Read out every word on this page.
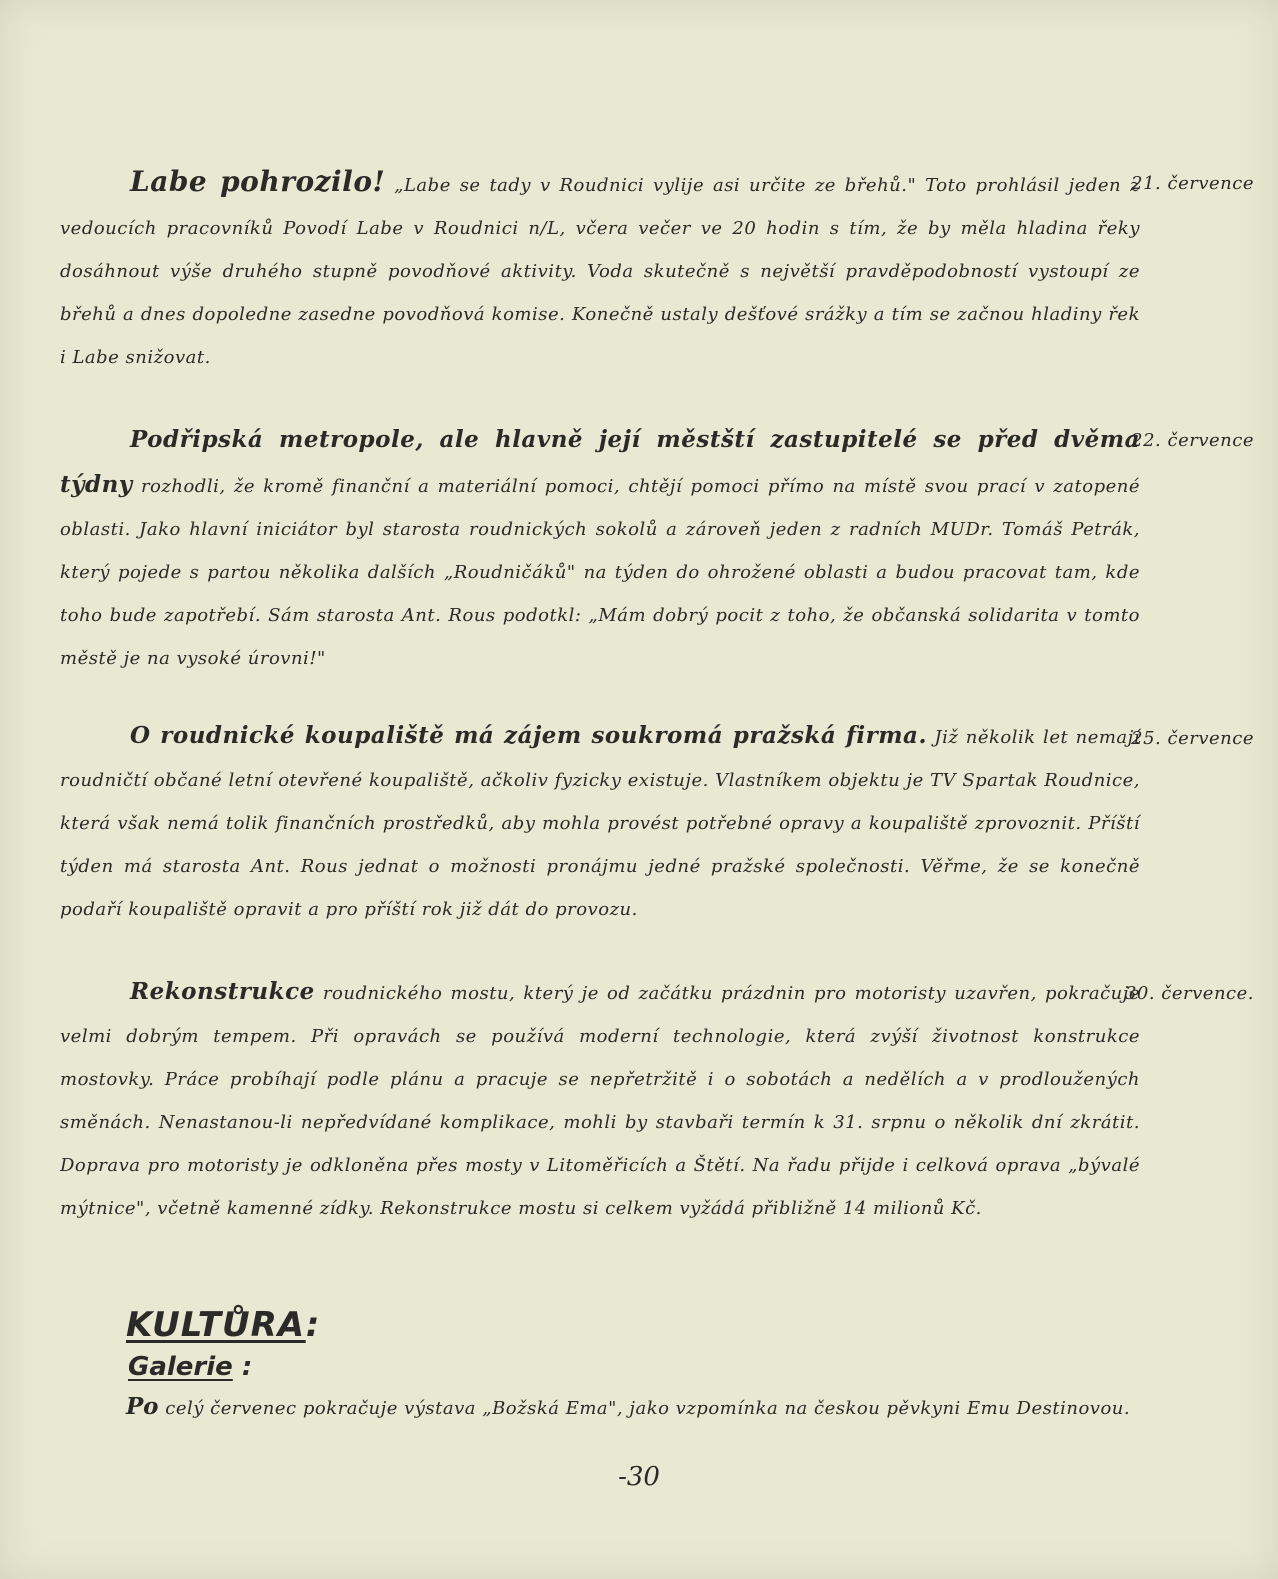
Labe pohrozilo! „Labe se tady v Roudnici vylije asi určite ze břehů." Toto prohlásil jeden z vedoucích pracovníků Povodí Labe v Roudnici n/L, včera večer ve 20 hodin s tím, že by měla hladina řeky dosáhnout výše druhého stupně povodňové aktivity. Voda skutečně s největší pravděpodobností vystoupí ze břehů a dnes dopoledne zasedne povodňová komise. Konečně ustaly dešťové srážky a tím se začnou hladiny řek i Labe snižovat.

21. července

Podřipská metropole, ale hlavně její městští zastupitelé se před dvěma týdny rozhodli, že kromě finanční a materiální pomoci, chtějí pomoci přímo na místě svou prací v zatopené oblasti. Jako hlavní iniciátor byl starosta roudnických sokolů a zároveň jeden z radních MUDr. Tomáš Petrák, který pojede s partou několika dalších „Roudničáků" na týden do ohrožené oblasti a budou pracovat tam, kde toho bude zapotřebí. Sám starosta Ant. Rous podotkl: „Mám dobrý pocit z toho, že občanská solidarita v tomto městě je na vysoké úrovni!"

22. července

O roudnické koupaliště má zájem soukromá pražská firma. Již několik let nemají roudničtí občané letní otevřené koupaliště, ačkoliv fyzicky existuje. Vlastníkem objektu je TV Spartak Roudnice, která však nemá tolik finančních prostředků, aby mohla provést potřebné opravy a koupaliště zprovoznit. Příští týden má starosta Ant. Rous jednat o možnosti pronájmu jedné pražské společnosti. Věřme, že se konečně podaří koupaliště opravit a pro příští rok již dát do provozu.

25. července

Rekonstrukce roudnického mostu, který je od začátku prázdnin pro motoristy uzavřen, pokračuje velmi dobrým tempem. Při opravách se používá moderní technologie, která zvýší životnost konstrukce mostovky. Práce probíhají podle plánu a pracuje se nepřetržitě i o sobotách a nedělích a v prodloužených směnách. Nenastanou-li nepředvídané komplikace, mohli by stavbaři termín k 31. srpnu o několik dní zkrátit. Doprava pro motoristy je odkloněna přes mosty v Litoměřicích a Štětí. Na řadu přijde i celková oprava „bývalé mýtnice", včetně kamenné zídky. Rekonstrukce mostu si celkem vyžádá přibližně 14 milionů Kč.

30. července.
KULTŮRA:
Galerie :
Po celý červenec pokračuje výstava „Božská Ema", jako vzpomínka na českou pěvkyni Emu Destinovou.
-30
